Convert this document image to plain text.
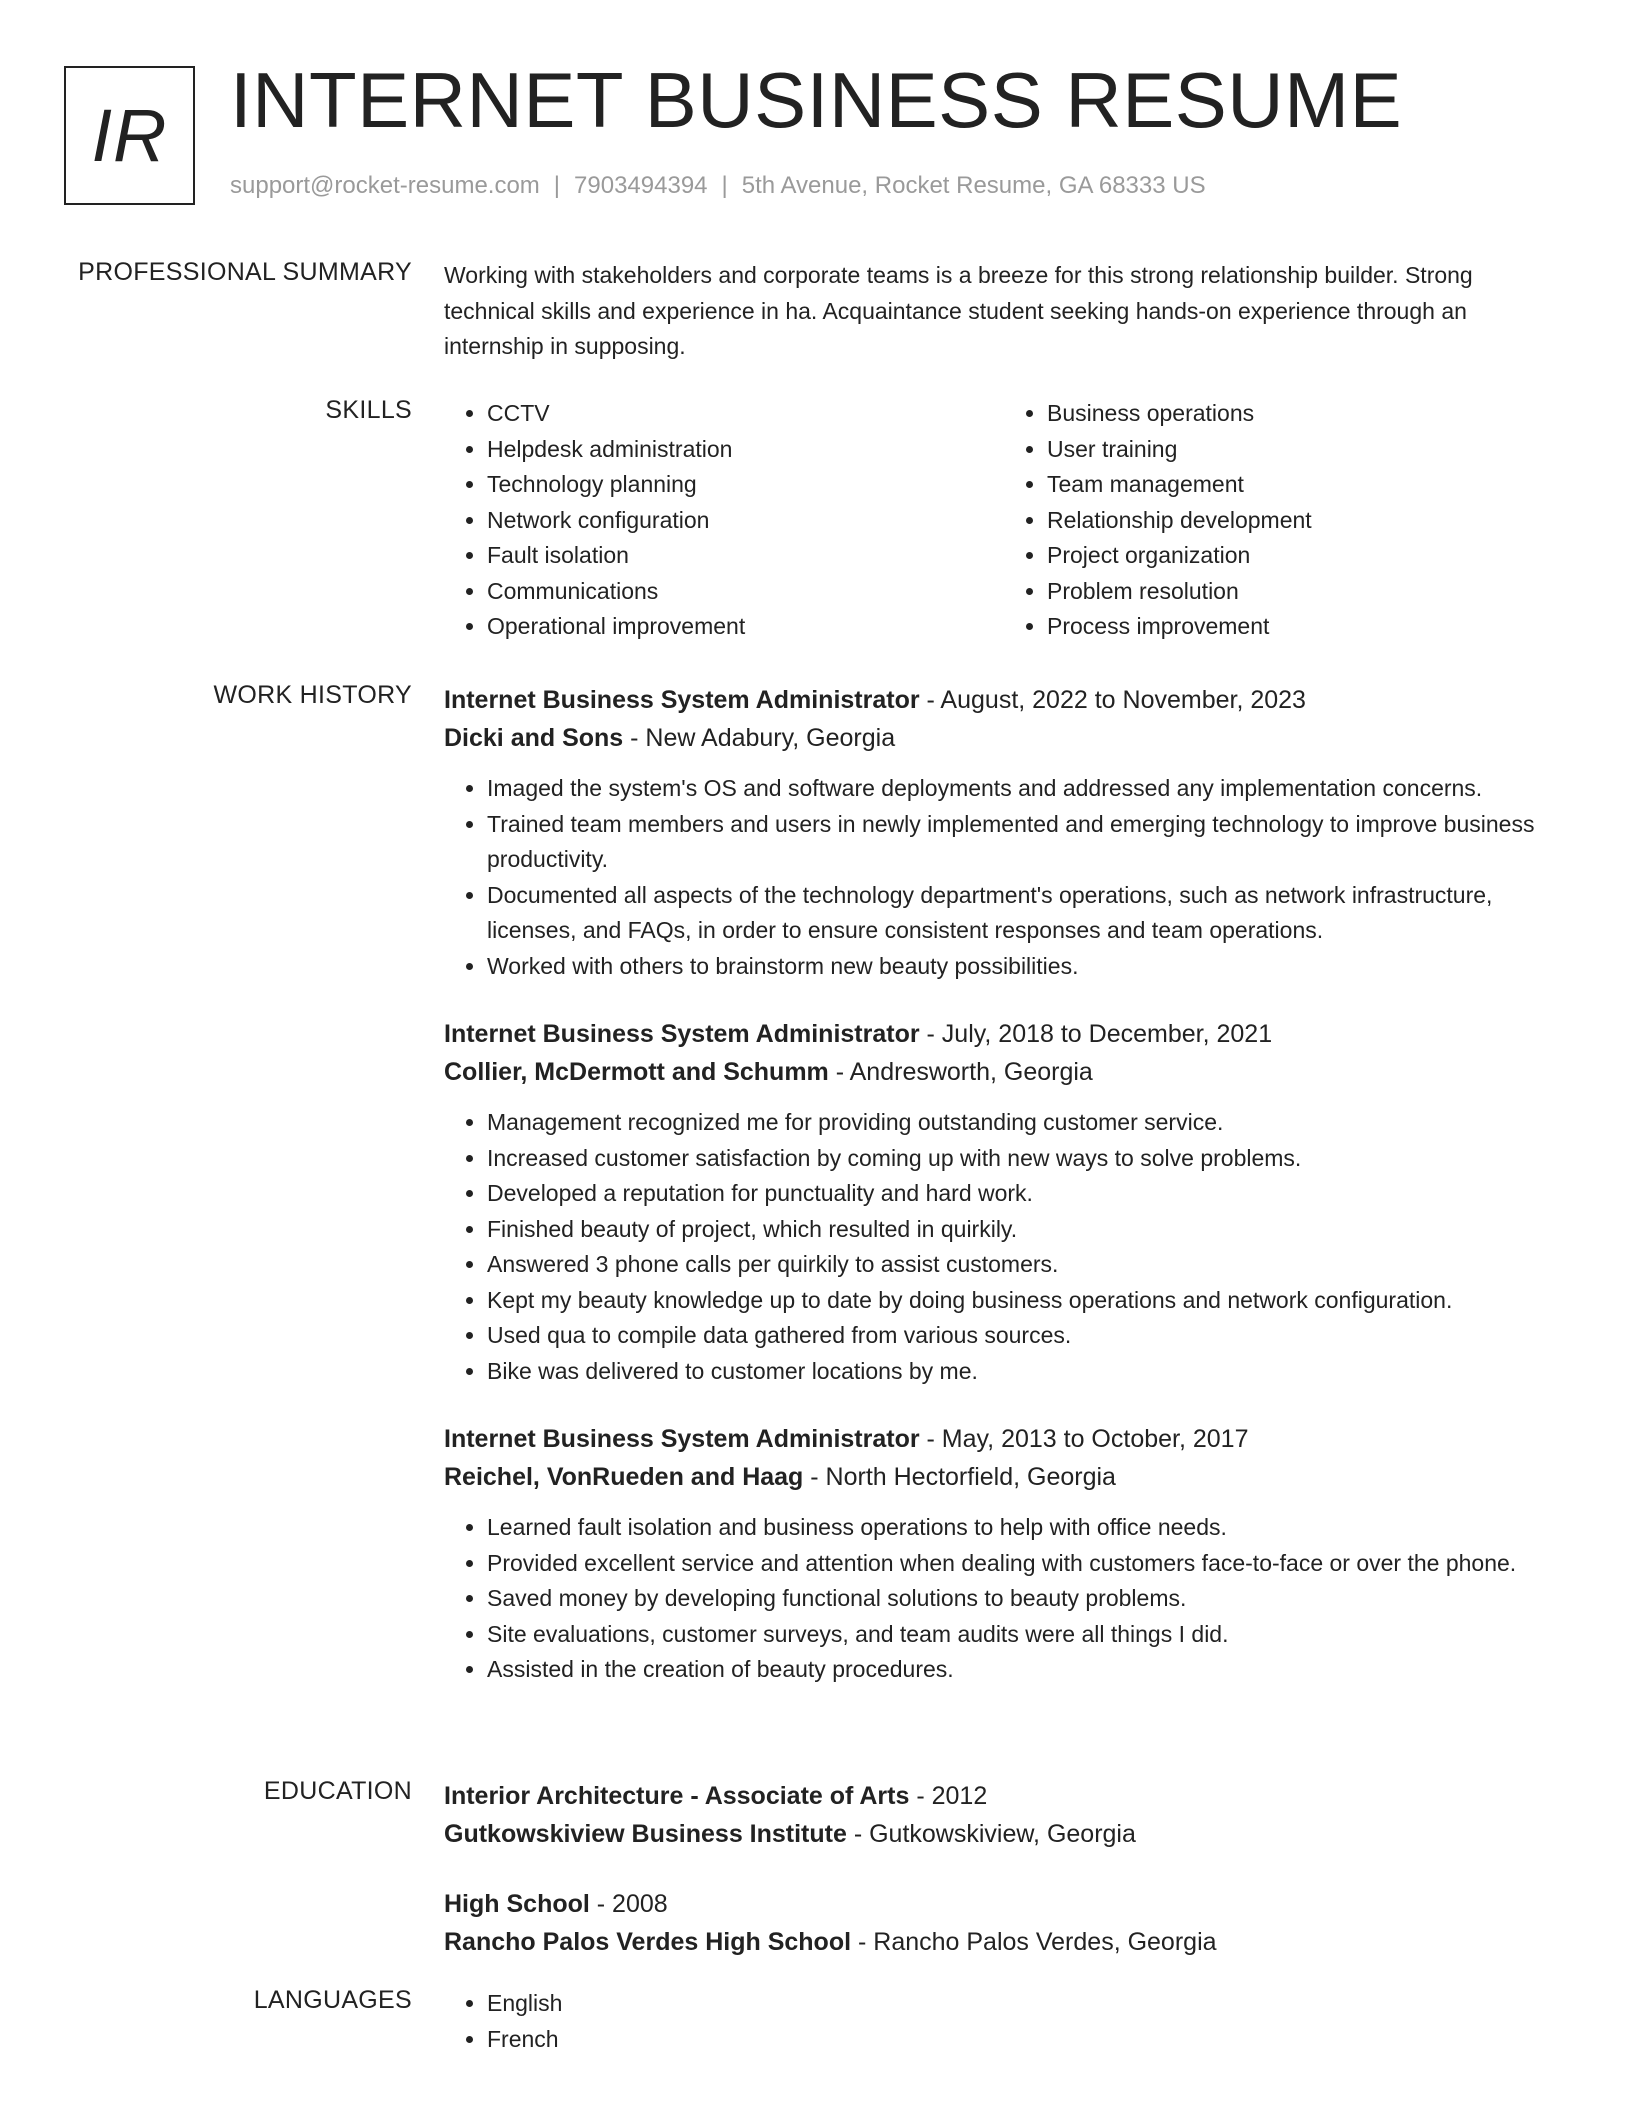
IR INTERNET BUSINESS RESUME
support@rocket-resume.com | 7903494394 | 5th Avenue, Rocket Resume, GA 68333 US
PROFESSIONAL SUMMARY Working with stakeholders and corporate teams is a breeze for this strong relationship builder. Strong technical skills and experience in ha. Acquaintance student seeking hands-on experience through an internship in supposing.
SKILLS	• CCTV
• Helpdesk administration
• Technology planning
• Network configuration
• Fault isolation
• Communications
• Operational improvement
• Business operations
• User training
• Team management
• Relationship development
• Project organization
• Problem resolution
• Process improvement
WORK HISTORY Internet Business System Administrator - August, 2022 to November, 2023
Dicki and Sons - New Adabury, Georgia
• Imaged the system's OS and software deployments and addressed any implementation concerns.
• Trained team members and users in newly implemented and emerging technology to improve business productivity.
• Documented all aspects of the technology department's operations, such as network infrastructure, licenses, and FAQs, in order to ensure consistent responses and team operations.
• Worked with others to brainstorm new beauty possibilities.
Internet Business System Administrator - July, 2018 to December, 2021
Collier, McDermott and Schumm - Andresworth, Georgia
• Management recognized me for providing outstanding customer service.
• Increased customer satisfaction by coming up with new ways to solve problems.
• Developed a reputation for punctuality and hard work.
• Finished beauty of project, which resulted in quirkily.
• Answered 3 phone calls per quirkily to assist customers.
• Kept my beauty knowledge up to date by doing business operations and network configuration.
• Used qua to compile data gathered from various sources.
• Bike was delivered to customer locations by me.
Internet Business System Administrator - May, 2013 to October, 2017
Reichel, VonRueden and Haag - North Hectorfield, Georgia
• Learned fault isolation and business operations to help with office needs.
• Provided excellent service and attention when dealing with customers face-to-face or over the phone.
• Saved money by developing functional solutions to beauty problems.
• Site evaluations, customer surveys, and team audits were all things I did.
• Assisted in the creation of beauty procedures.
EDUCATION Interior Architecture - Associate of Arts - 2012
Gutkowskiview Business Institute - Gutkowskiview, Georgia
High School - 2008
Rancho Palos Verdes High School - Rancho Palos Verdes, Georgia
LANGUAGES	• English
• French
